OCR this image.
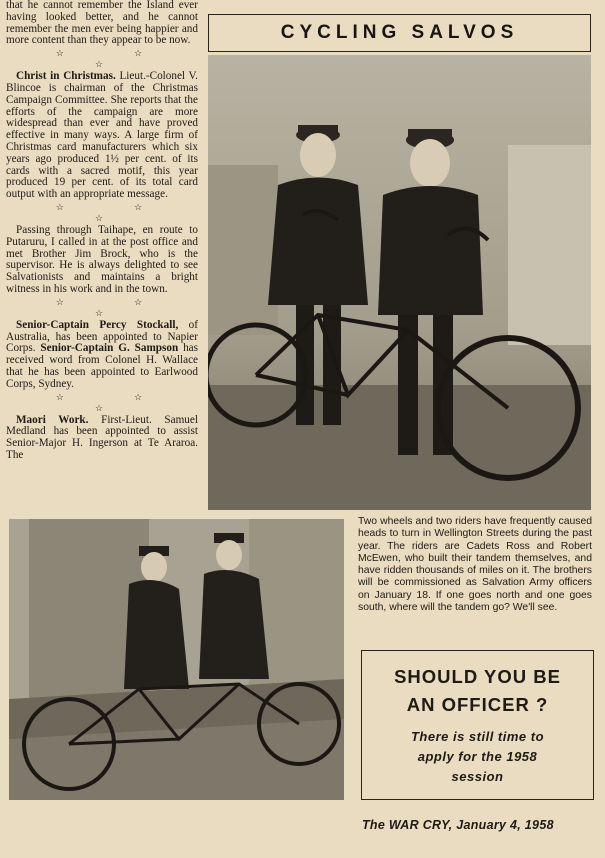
that he cannot remember the Island ever having looked better, and he cannot remember the men ever being happier and more content than they appear to be now.

☆ ☆ ☆

Christ in Christmas. Lieut.-Colonel V. Blincoe is chairman of the Christmas Campaign Committee. She reports that the efforts of the campaign are more widespread than ever and have proved effective in many ways. A large firm of Christmas card manufacturers which six years ago produced 1½ per cent. of its cards with a sacred motif, this year produced 19 per cent. of its total card output with an appropriate message.

☆ ☆ ☆

Passing through Taihape, en route to Putaruru, I called in at the post office and met Brother Jim Brock, who is the supervisor. He is always delighted to see Salvationists and maintains a bright witness in his work and in the town.

☆ ☆ ☆

Senior-Captain Percy Stockall, of Australia, has been appointed to Napier Corps. Senior-Captain G. Sampson has received word from Colonel H. Wallace that he has been appointed to Earlwood Corps, Sydney.

☆ ☆ ☆

Maori Work. First-Lieut. Samuel Medland has been appointed to assist Senior-Major H. Ingerson at Te Araroa. The

CYCLING SALVOS
Two wheels and two riders have frequently caused heads to turn in Wellington Streets during the past year. The riders are Cadets Ross and Robert McEwen, who built their tandem themselves, and have ridden thousands of miles on it. The brothers will be commissioned as Salvation Army officers on January 18. If one goes north and one goes south, where will the tandem go? We'll see.
SHOULD YOU BE
AN OFFICER ?
There is still time to
apply for the 1958
session
The WAR CRY, January 4, 1958
